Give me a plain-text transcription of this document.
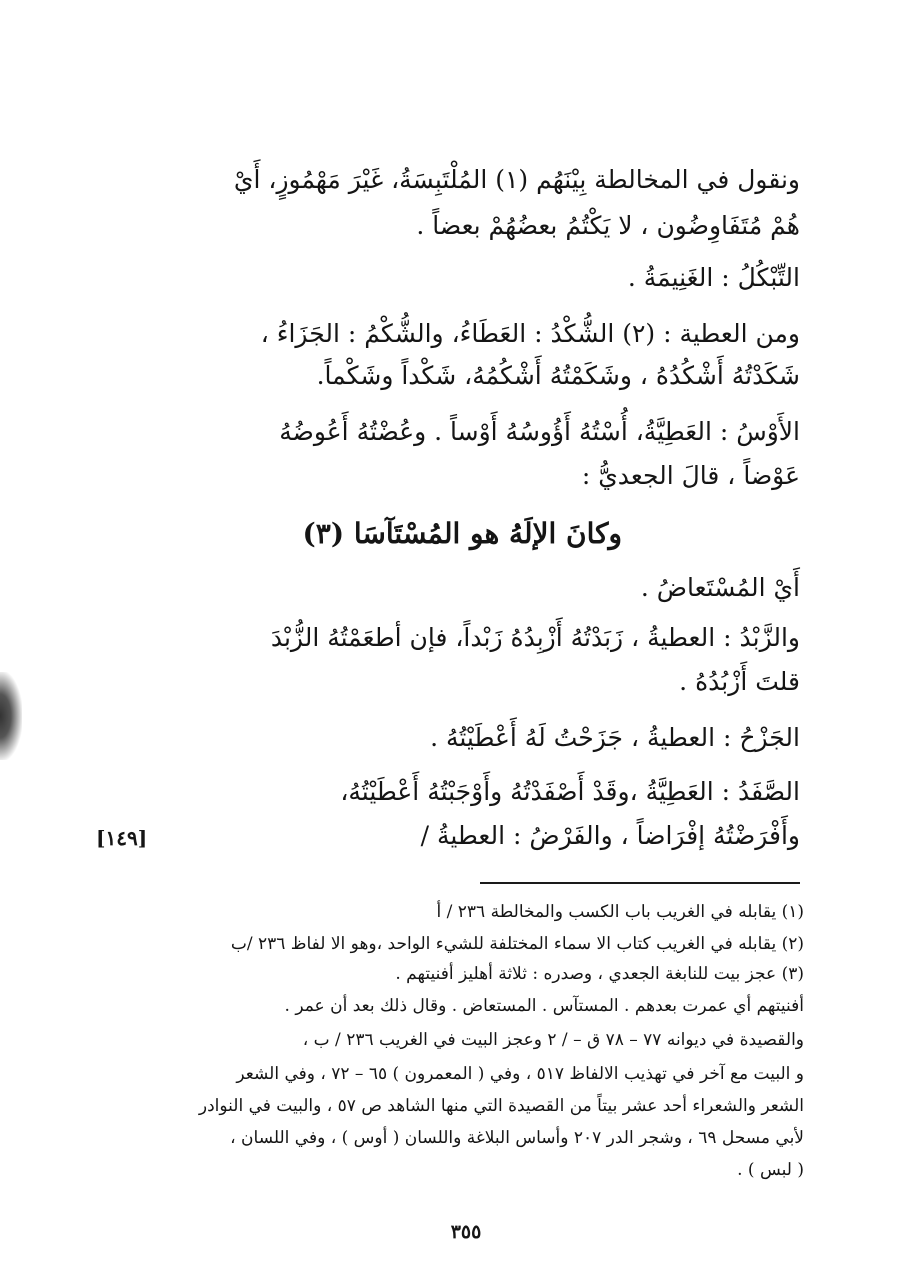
ونقول في المخالطة بِيْنَهُم (١) المُلْتَبِسَةُ، غَيْرَ مَهْمُوزٍ، أَيْ
هُمْ مُتَفَاوِضُون ، لا يَكْتُمُ بعضُهُمْ بعضاً .
التِّبْكُلُ : الغَنِيمَةُ .
ومن العطية : (٢) الشُّكْدُ : العَطَاءُ، والشُّكْمُ : الجَزَاءُ ،
شَكَدْتُهُ أَشْكُدُهُ ، وشَكَمْتُهُ أَشْكُمُهُ، شَكْداً وشَكْماً.
الأَوْسُ : العَطِيَّةُ، أُسْتُهُ أَؤُوسُهُ أَوْساً . وعُضْتُهُ أَعُوضُهُ
عَوْضاً ، قالَ الجعديُّ :
وكانَ الإلَهُ هو المُسْتَآسَا (٣)
أَيْ المُسْتَعاضُ .
والزَّبْدُ : العطيةُ ، زَبَدْتُهُ أَزْبِدُهُ زَبْداً، فإن أطعَمْتُهُ الزُّبْدَ
قلتَ أَزْبُدُهُ .
الجَزْحُ : العطيةُ ، جَزَحْتُ لَهُ أَعْطَيْتُهُ .
الصَّفَدُ : العَطِيَّةُ ،وقَدْ أَصْفَدْتُهُ وأَوْجَبْتُهُ أَعْطَيْتُهُ،
وأَفْرَضْتُهُ إفْرَاضاً ، والفَرْضُ : العطيةُ /
[١٤٩]
(١) يقابله في الغريب باب الكسب والمخالطة ٢٣٦ / أ
(٢) يقابله في الغريب كتاب الا سماء المختلفة للشيء الواحد ،وهو الا لفاظ ٢٣٦ /ب
(٣) عجز بيت للنابغة الجعدي ، وصدره : ثلاثة أهليز أفنيتهم .
أفنيتهم أي عمرت بعدهم . المستآس . المستعاض . وقال ذلك بعد أن عمر .
والقصيدة في ديوانه ٧٧ – ٧٨ ق – / ٢ وعجز البيت في الغريب ٢٣٦ / ب ،
و البيت مع آخر في تهذيب الالفاظ ٥١٧ ، وفي ( المعمرون ) ٦٥ – ٧٢ ، وفي الشعر
الشعر والشعراء أحد عشر بيتاً من القصيدة التي منها الشاهد ص ٥٧ ، والبيت في النوادر
لأبي مسحل ٦٩ ، وشجر الدر ٢٠٧ وأساس البلاغة واللسان ( أوس ) ، وفي اللسان ،
( لبس ) .
٣٥٥
